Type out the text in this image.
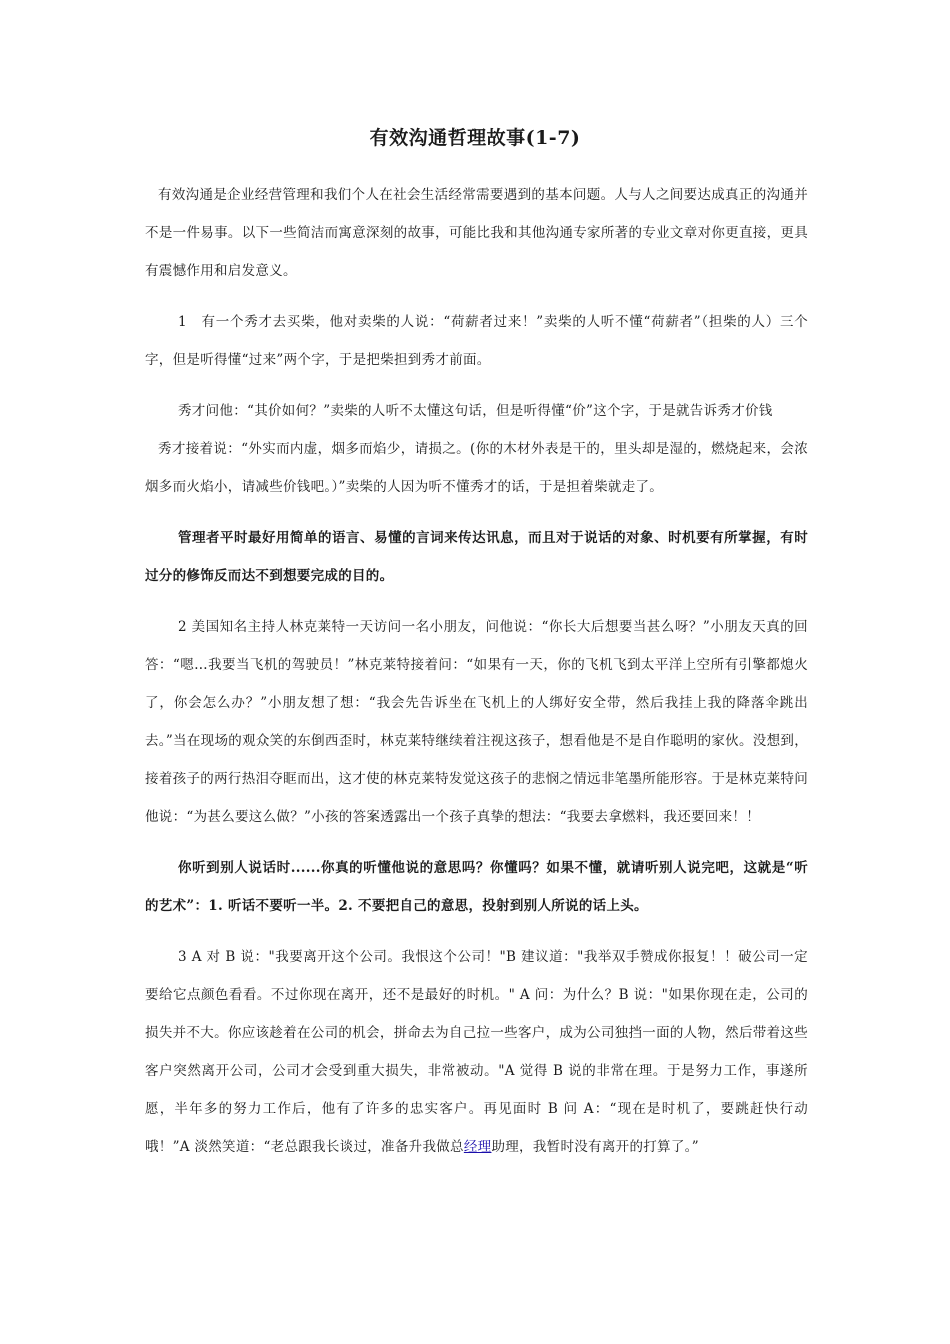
有效沟通哲理故事(1-7)

有效沟通是企业经营管理和我们个人在社会生活经常需要遇到的基本问题。人与人之间要达成真正的沟通并不是一件易事。以下一些简洁而寓意深刻的故事，可能比我和其他沟通专家所著的专业文章对你更直接，更具有震憾作用和启发意义。

1　有一个秀才去买柴，他对卖柴的人说：“荷薪者过来！”卖柴的人听不懂“荷薪者”（担柴的人）三个字，但是听得懂“过来”两个字，于是把柴担到秀才前面。

秀才问他：“其价如何？”卖柴的人听不太懂这句话，但是听得懂“价”这个字，于是就告诉秀才价钱

秀才接着说：“外实而内虚，烟多而焰少，请损之。(你的木材外表是干的，里头却是湿的，燃烧起来，会浓烟多而火焰小，请减些价钱吧。）”卖柴的人因为听不懂秀才的话，于是担着柴就走了。

管理者平时最好用简单的语言、易懂的言词来传达讯息，而且对于说话的对象、时机要有所掌握，有时过分的修饰反而达不到想要完成的目的。

2 美国知名主持人林克莱特一天访问一名小朋友，问他说：“你长大后想要当甚么呀？”小朋友天真的回答：“嗯…我要当飞机的驾驶员！”林克莱特接着问：“如果有一天，你的飞机飞到太平洋上空所有引擎都熄火了，你会怎么办？”小朋友想了想：“我会先告诉坐在飞机上的人绑好安全带，然后我挂上我的降落伞跳出去。”当在现场的观众笑的东倒西歪时，林克莱特继续着注视这孩子，想看他是不是自作聪明的家伙。没想到，接着孩子的两行热泪夺眶而出，这才使的林克莱特发觉这孩子的悲悯之情远非笔墨所能形容。于是林克莱特问他说：“为甚么要这么做？”小孩的答案透露出一个孩子真挚的想法：“我要去拿燃料，我还要回来！！

你听到别人说话时......你真的听懂他说的意思吗？你懂吗？如果不懂，就请听别人说完吧，这就是“听的艺术”：1. 听话不要听一半。2. 不要把自己的意思，投射到别人所说的话上头。

3 A 对 B 说："我要离开这个公司。我恨这个公司！"B 建议道："我举双手赞成你报复！！破公司一定要给它点颜色看看。不过你现在离开，还不是最好的时机。" A 问：为什么？B 说："如果你现在走，公司的损失并不大。你应该趁着在公司的机会，拼命去为自己拉一些客户，成为公司独挡一面的人物，然后带着这些客户突然离开公司，公司才会受到重大损失，非常被动。"A 觉得 B 说的非常在理。于是努力工作，事遂所愿，半年多的努力工作后，他有了许多的忠实客户。再见面时 B 问 A：“现在是时机了，要跳赶快行动哦！”A 淡然笑道：“老总跟我长谈过，准备升我做总经理助理，我暂时没有离开的打算了。”
